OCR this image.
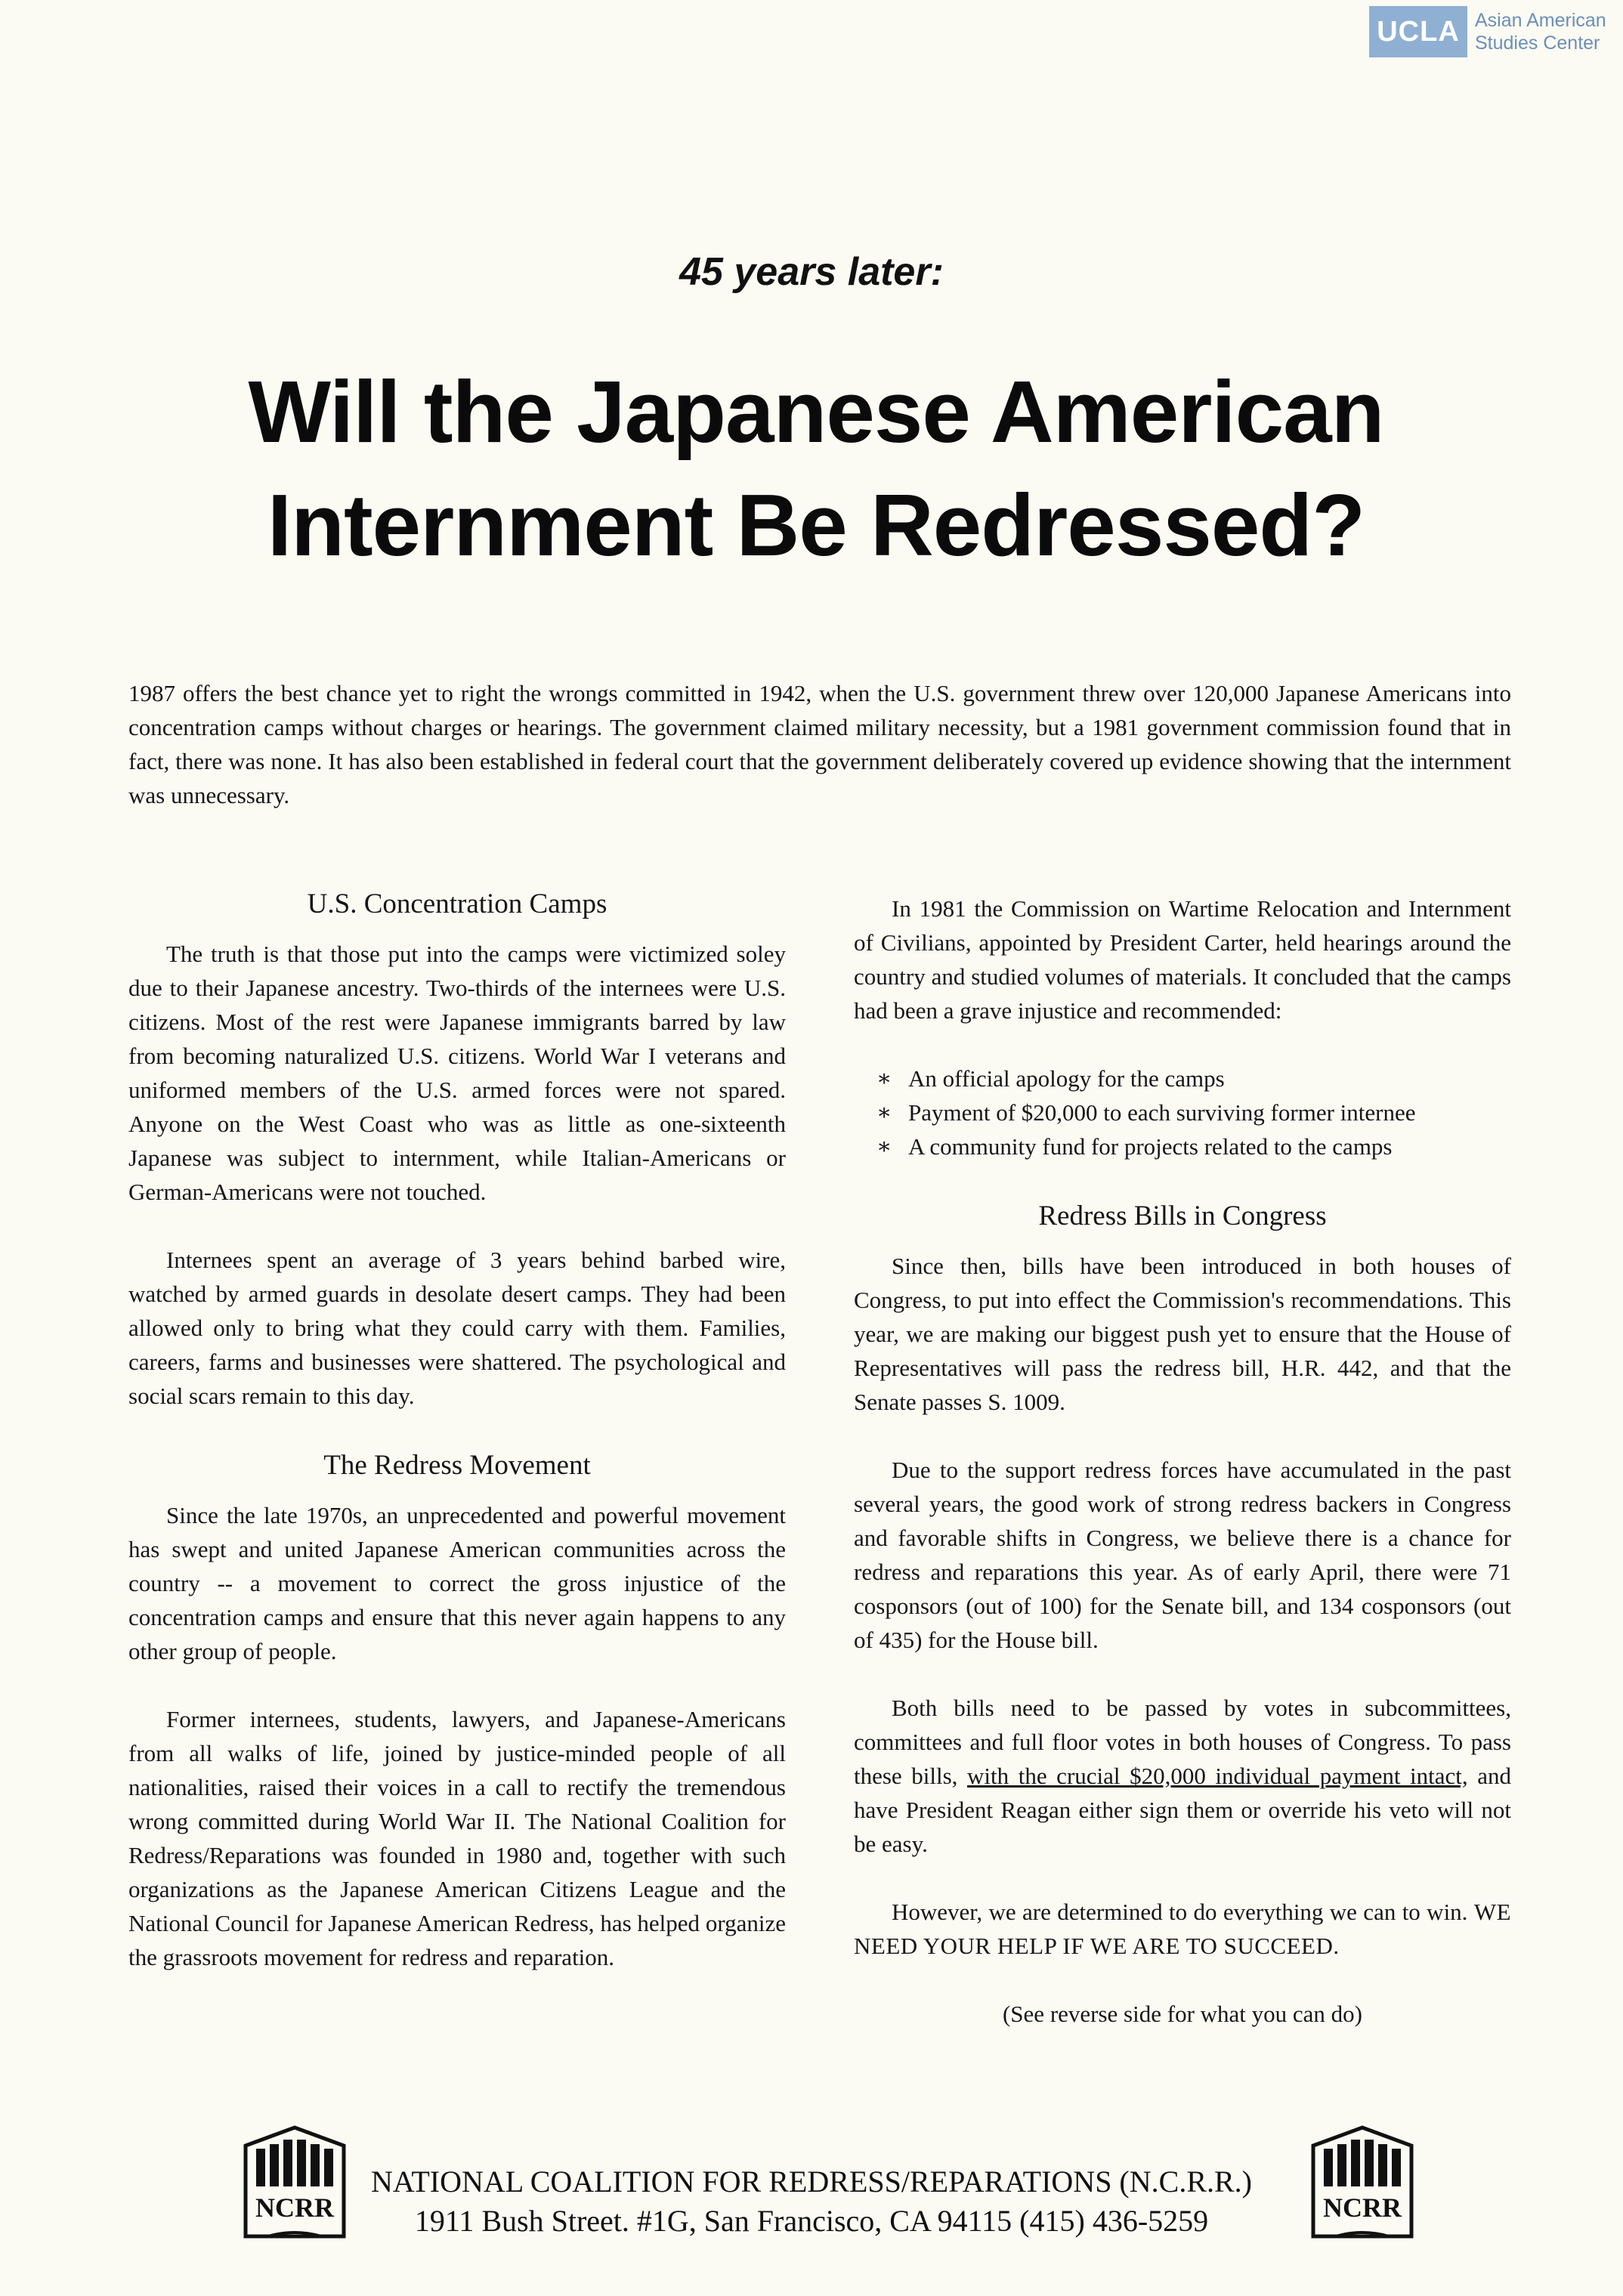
UCLA Asian American
Studies Center
45 years later:
Will the Japanese American
Internment Be Redressed?
1987 offers the best chance yet to right the wrongs committed in 1942, when the U.S. government threw over 120,000 Japanese Americans into concentration camps without charges or hearings. The government claimed military necessity, but a 1981 government commission found that in fact, there was none. It has also been established in federal court that the government deliberately covered up evidence showing that the internment was unnecessary.
U.S. Concentration Camps

The truth is that those put into the camps were victimized soley due to their Japanese ancestry. Two-thirds of the internees were U.S. citizens. Most of the rest were Japanese immigrants barred by law from becoming naturalized U.S. citizens. World War I veterans and uniformed members of the U.S. armed forces were not spared. Anyone on the West Coast who was as little as one-sixteenth Japanese was subject to internment, while Italian-Americans or German-Americans were not touched.

Internees spent an average of 3 years behind barbed wire, watched by armed guards in desolate desert camps. They had been allowed only to bring what they could carry with them. Families, careers, farms and businesses were shattered. The psychological and social scars remain to this day.

The Redress Movement

Since the late 1970s, an unprecedented and powerful movement has swept and united Japanese American communities across the country -- a movement to correct the gross injustice of the concentration camps and ensure that this never again happens to any other group of people.

Former internees, students, lawyers, and Japanese-Americans from all walks of life, joined by justice-minded people of all nationalities, raised their voices in a call to rectify the tremendous wrong committed during World War II. The National Coalition for Redress/Reparations was founded in 1980 and, together with such organizations as the Japanese American Citizens League and the National Council for Japanese American Redress, has helped organize the grassroots movement for redress and reparation.

In 1981 the Commission on Wartime Relocation and Internment of Civilians, appointed by President Carter, held hearings around the country and studied volumes of materials. It concluded that the camps had been a grave injustice and recommended:

∗ An official apology for the camps
∗ Payment of $20,000 to each surviving former internee
∗ A community fund for projects related to the camps
Redress Bills in Congress

Since then, bills have been introduced in both houses of Congress, to put into effect the Commission's recommendations. This year, we are making our biggest push yet to ensure that the House of Representatives will pass the redress bill, H.R. 442, and that the Senate passes S. 1009.

Due to the support redress forces have accumulated in the past several years, the good work of strong redress backers in Congress and favorable shifts in Congress, we believe there is a chance for redress and reparations this year. As of early April, there were 71 cosponsors (out of 100) for the Senate bill, and 134 cosponsors (out of 435) for the House bill.

Both bills need to be passed by votes in subcommittees, committees and full floor votes in both houses of Congress. To pass these bills, with the crucial $20,000 individual payment intact, and have President Reagan either sign them or override his veto will not be easy.

However, we are determined to do everything we can to win. WE NEED YOUR HELP IF WE ARE TO SUCCEED.

(See reverse side for what you can do)
NCRR
NATIONAL COALITION FOR REDRESS/REPARATIONS (N.C.R.R.)
1911 Bush Street. #1G, San Francisco, CA 94115 (415) 436-5259	NCRR
